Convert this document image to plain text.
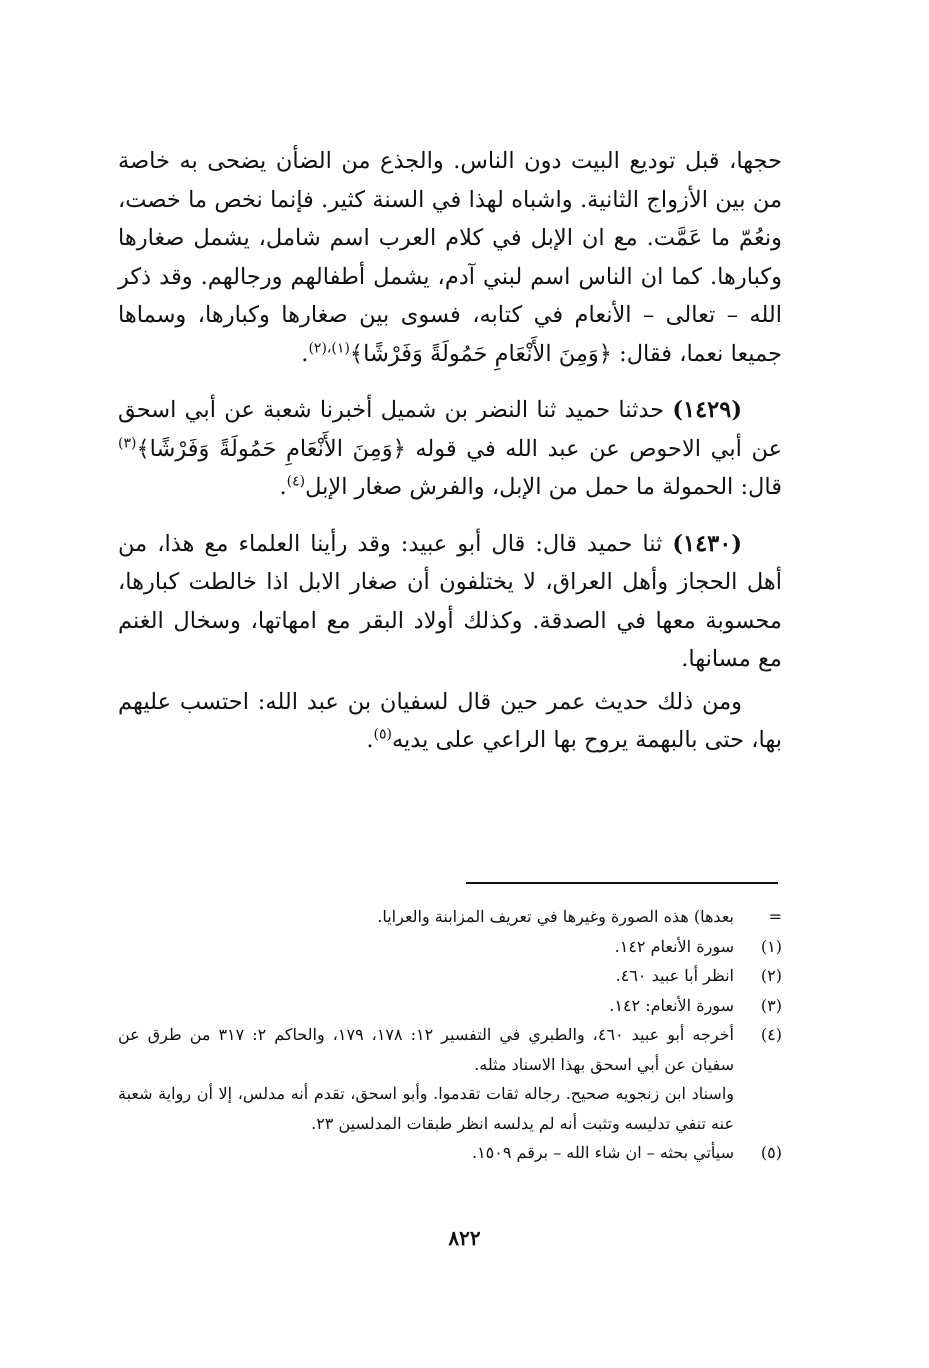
حجها، قبل توديع البيت دون الناس. والجذع من الضأن يضحى به خاصة من بين الأزواج الثانية. واشباه لهذا في السنة كثير. فإنما نخص ما خصت، ونعُمّ ما عَمَّت. مع ان الإبل في كلام العرب اسم شامل، يشمل صغارها وكبارها. كما ان الناس اسم لبني آدم، يشمل أطفالهم ورجالهم. وقد ذكر الله – تعالى – الأنعام في كتابه، فسوى بين صغارها وكبارها، وسماها جميعا نعما، فقال: ﴿وَمِنَ الأَنْعَامِ حَمُولَةً وَفَرْشًا﴾$^{(١)،(٢)}$.

(١٤٢٩) حدثنا حميد ثنا النضر بن شميل أخبرنا شعبة عن أبي اسحق عن أبي الاحوص عن عبد الله في قوله ﴿وَمِنَ الأَنْعَامِ حَمُولَةً وَفَرْشًا﴾$^{(٣)}$ قال: الحمولة ما حمل من الإبل، والفرش صغار الإبل$^{(٤)}$.

(١٤٣٠) ثنا حميد قال: قال أبو عبيد: وقد رأينا العلماء مع هذا، من أهل الحجاز وأهل العراق، لا يختلفون أن صغار الابل اذا خالطت كبارها، محسوبة معها في الصدقة. وكذلك أولاد البقر مع امهاتها، وسخال الغنم مع مسانها.

ومن ذلك حديث عمر حين قال لسفيان بن عبد الله: احتسب عليهم بها، حتى بالبهمة يروح بها الراعي على يديه$^{(٥)}$.

=
بعدها) هذه الصورة وغيرها في تعريف المزابنة والعرايا.
(١)
سورة الأنعام ١٤٢.
(٢)
انظر أبا عبيد ٤٦٠.
(٣)
سورة الأنعام: ١٤٢.
(٤)
أخرجه أبو عبيد ٤٦٠، والطبري في التفسير ١٢: ١٧٨، ١٧٩، والحاكم ٢: ٣١٧ من طرق عن سفيان عن أبي اسحق بهذا الاسناد مثله.
واسناد ابن زنجويه صحيح. رجاله ثقات تقدموا. وأبو اسحق، تقدم أنه مدلس، إلا أن رواية شعبة عنه تنفي تدليسه وتثبت أنه لم يدلسه انظر طبقات المدلسين ٢٣.
(٥)
سيأتي بحثه – ان شاء الله – برقم ١٥٠٩.
٨٢٢
